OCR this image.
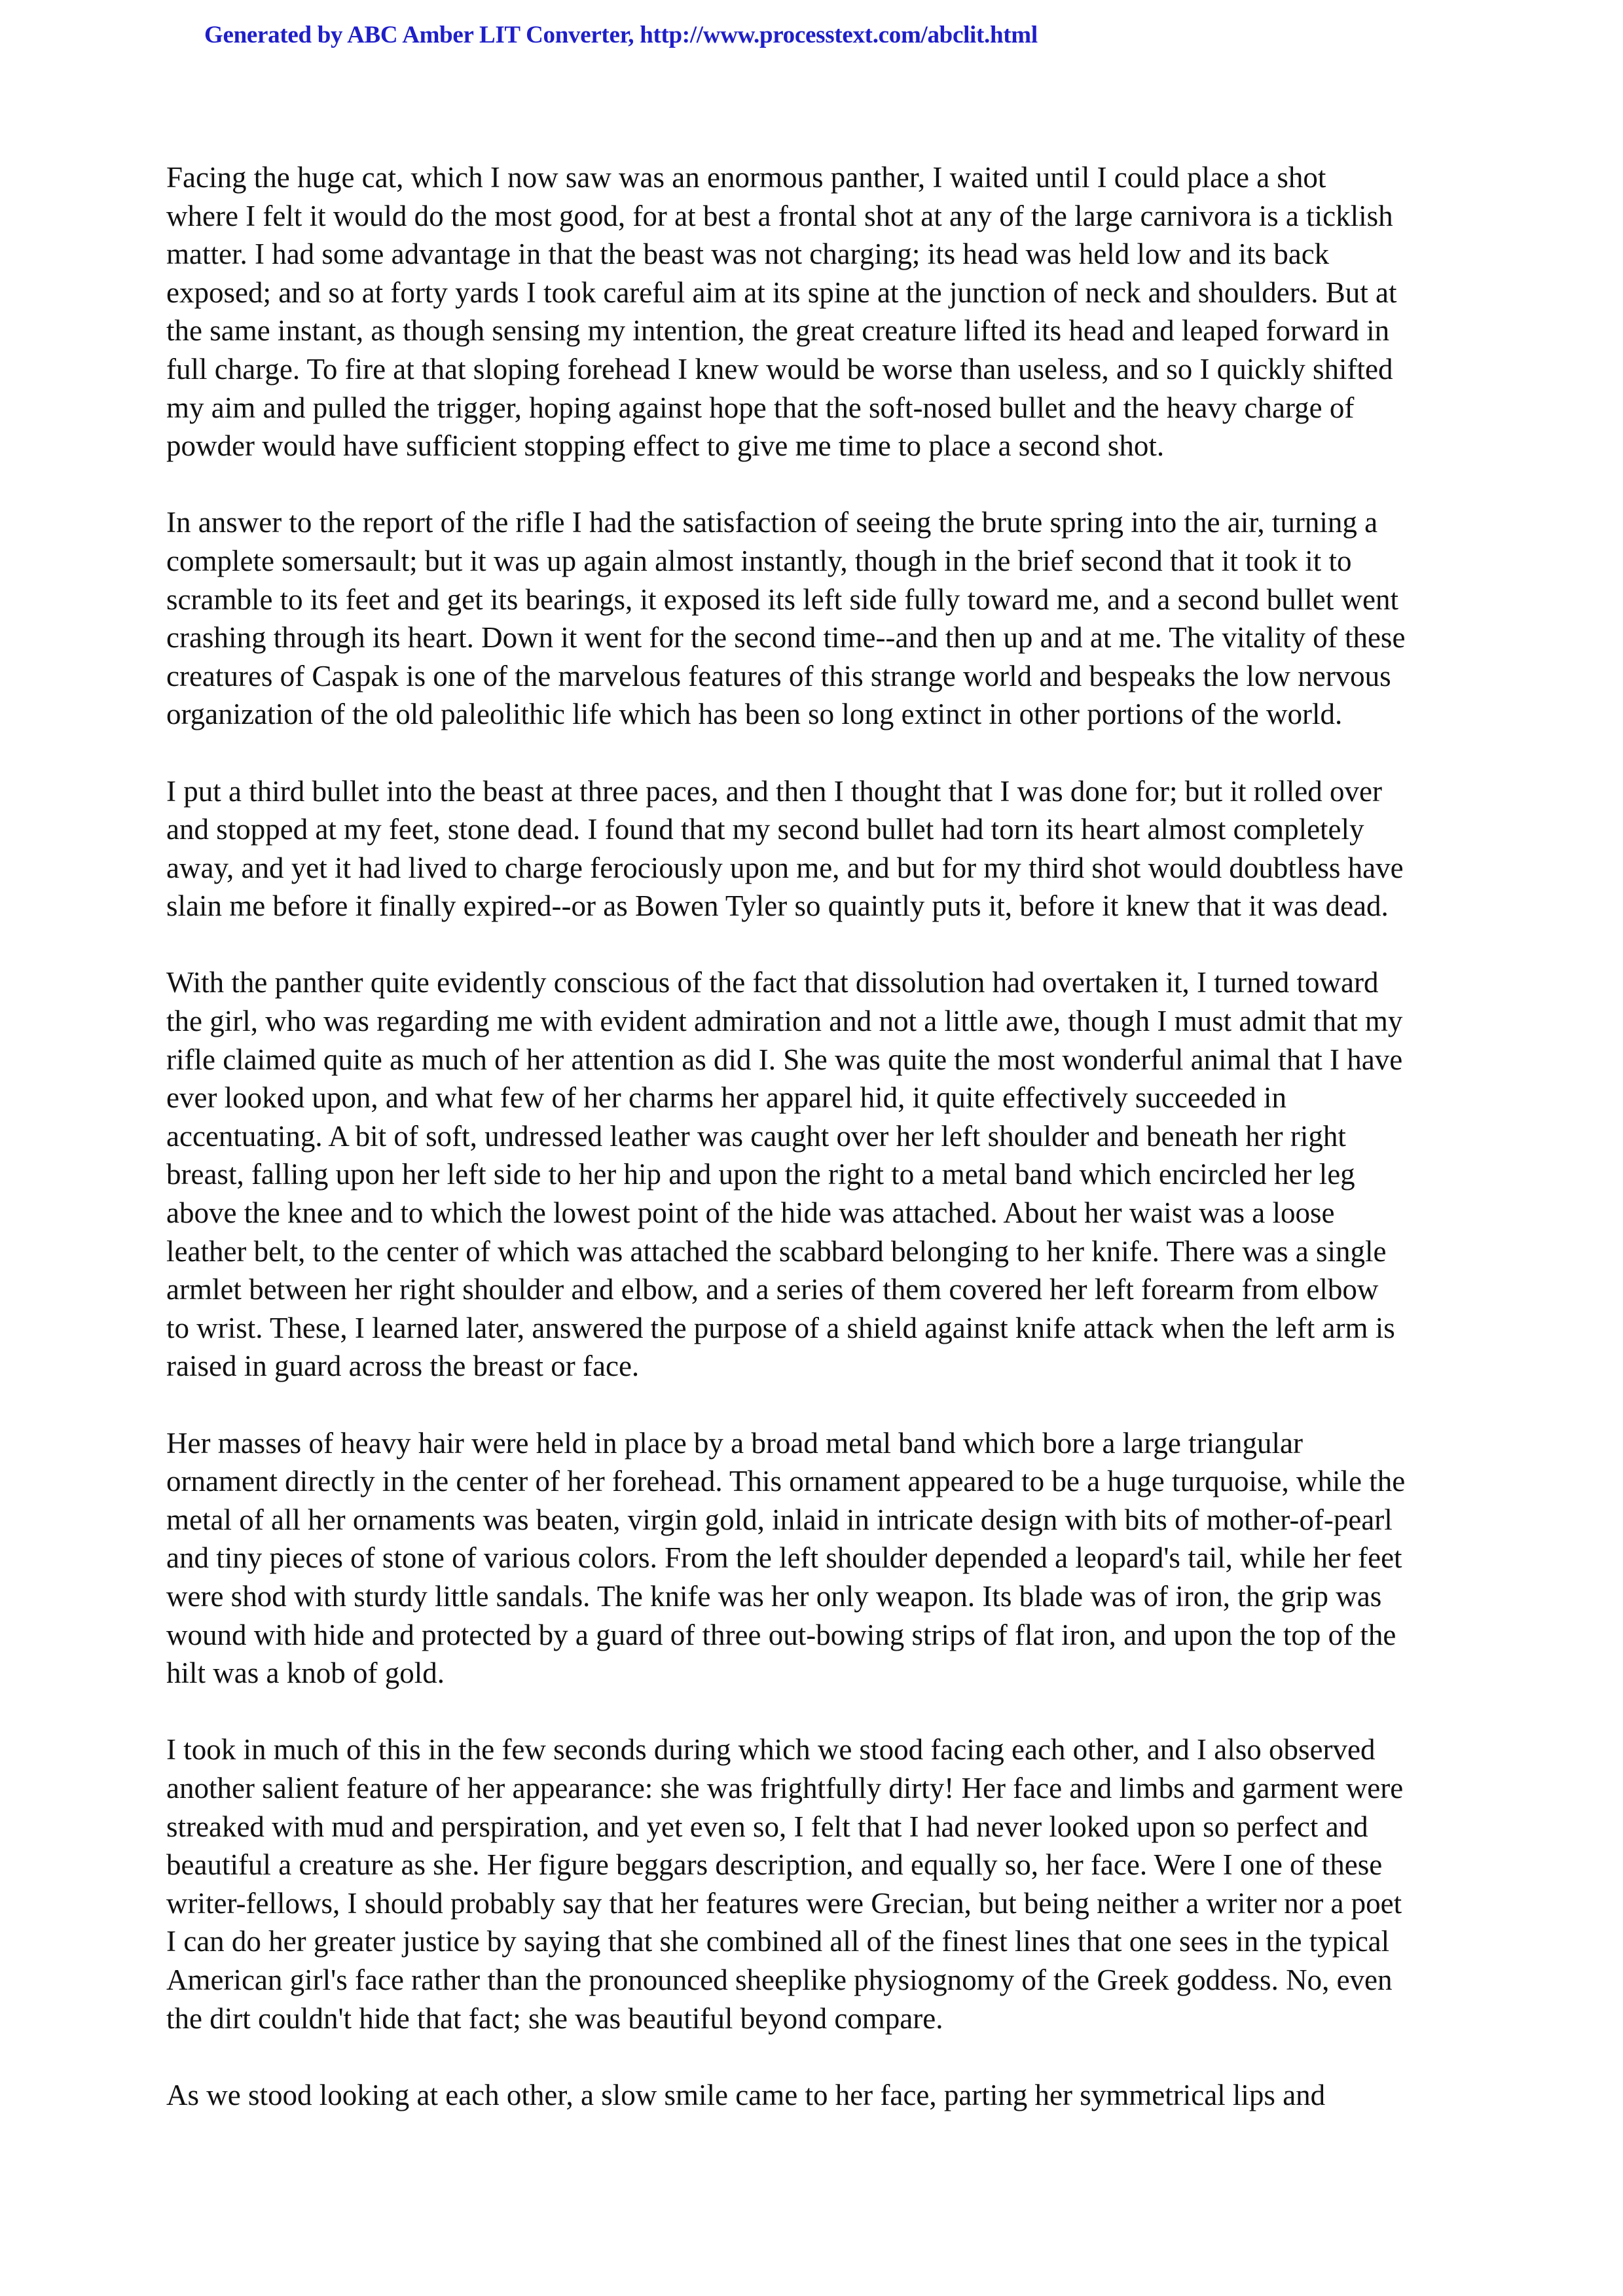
Generated by ABC Amber LIT Converter, http://www.processtext.com/abclit.html

Facing the huge cat, which I now saw was an enormous panther, I waited until I could place a shot
where I felt it would do the most good, for at best a frontal shot at any of the large carnivora is a ticklish
matter. I had some advantage in that the beast was not charging; its head was held low and its back
exposed; and so at forty yards I took careful aim at its spine at the junction of neck and shoulders. But at
the same instant, as though sensing my intention, the great creature lifted its head and leaped forward in
full charge. To fire at that sloping forehead I knew would be worse than useless, and so I quickly shifted
my aim and pulled the trigger, hoping against hope that the soft-nosed bullet and the heavy charge of
powder would have sufficient stopping effect to give me time to place a second shot.

In answer to the report of the rifle I had the satisfaction of seeing the brute spring into the air, turning a
complete somersault; but it was up again almost instantly, though in the brief second that it took it to
scramble to its feet and get its bearings, it exposed its left side fully toward me, and a second bullet went
crashing through its heart. Down it went for the second time--and then up and at me. The vitality of these
creatures of Caspak is one of the marvelous features of this strange world and bespeaks the low nervous
organization of the old paleolithic life which has been so long extinct in other portions of the world.

I put a third bullet into the beast at three paces, and then I thought that I was done for; but it rolled over
and stopped at my feet, stone dead. I found that my second bullet had torn its heart almost completely
away, and yet it had lived to charge ferociously upon me, and but for my third shot would doubtless have
slain me before it finally expired--or as Bowen Tyler so quaintly puts it, before it knew that it was dead.

With the panther quite evidently conscious of the fact that dissolution had overtaken it, I turned toward
the girl, who was regarding me with evident admiration and not a little awe, though I must admit that my
rifle claimed quite as much of her attention as did I. She was quite the most wonderful animal that I have
ever looked upon, and what few of her charms her apparel hid, it quite effectively succeeded in
accentuating. A bit of soft, undressed leather was caught over her left shoulder and beneath her right
breast, falling upon her left side to her hip and upon the right to a metal band which encircled her leg
above the knee and to which the lowest point of the hide was attached. About her waist was a loose
leather belt, to the center of which was attached the scabbard belonging to her knife. There was a single
armlet between her right shoulder and elbow, and a series of them covered her left forearm from elbow
to wrist. These, I learned later, answered the purpose of a shield against knife attack when the left arm is
raised in guard across the breast or face.

Her masses of heavy hair were held in place by a broad metal band which bore a large triangular
ornament directly in the center of her forehead. This ornament appeared to be a huge turquoise, while the
metal of all her ornaments was beaten, virgin gold, inlaid in intricate design with bits of mother-of-pearl
and tiny pieces of stone of various colors. From the left shoulder depended a leopard's tail, while her feet
were shod with sturdy little sandals. The knife was her only weapon. Its blade was of iron, the grip was
wound with hide and protected by a guard of three out-bowing strips of flat iron, and upon the top of the
hilt was a knob of gold.

I took in much of this in the few seconds during which we stood facing each other, and I also observed
another salient feature of her appearance: she was frightfully dirty! Her face and limbs and garment were
streaked with mud and perspiration, and yet even so, I felt that I had never looked upon so perfect and
beautiful a creature as she. Her figure beggars description, and equally so, her face. Were I one of these
writer-fellows, I should probably say that her features were Grecian, but being neither a writer nor a poet
I can do her greater justice by saying that she combined all of the finest lines that one sees in the typical
American girl's face rather than the pronounced sheeplike physiognomy of the Greek goddess. No, even
the dirt couldn't hide that fact; she was beautiful beyond compare.

As we stood looking at each other, a slow smile came to her face, parting her symmetrical lips and
